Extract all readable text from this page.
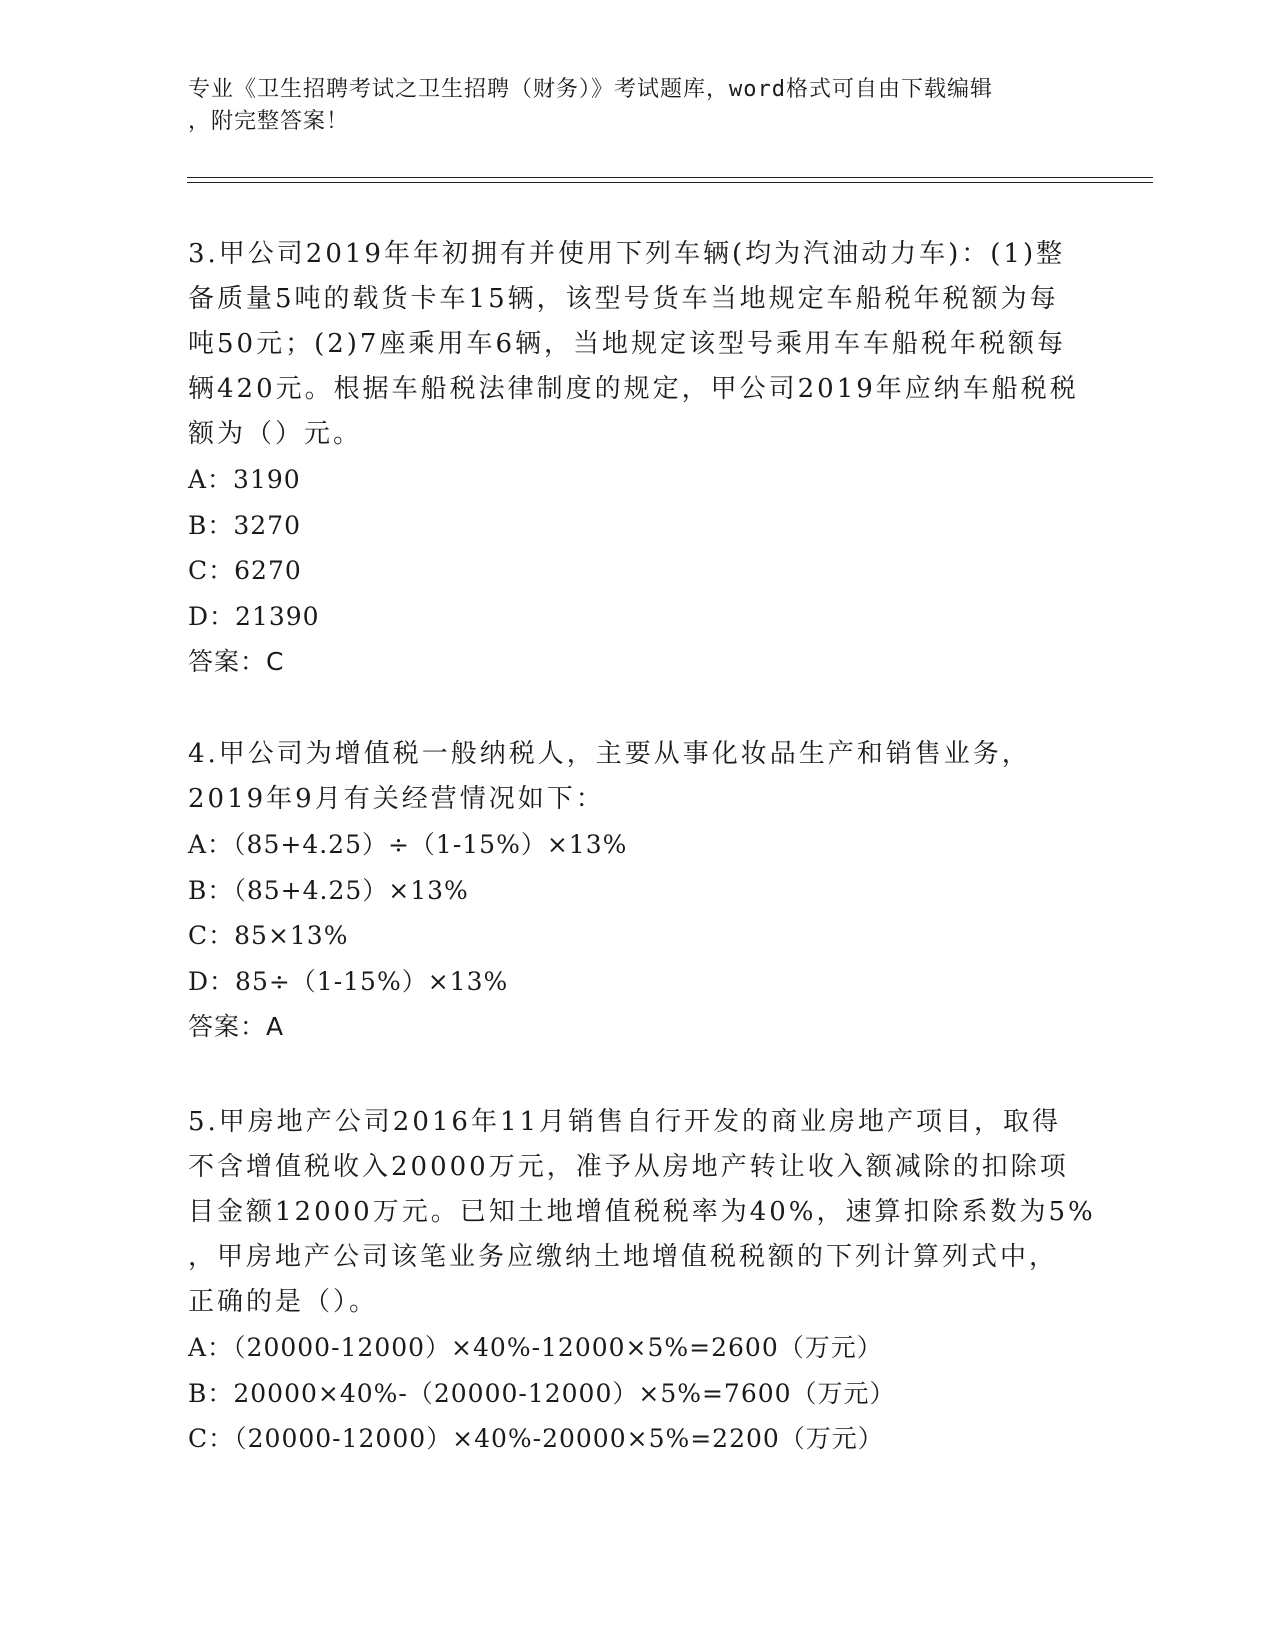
专业《卫生招聘考试之卫生招聘（财务）》考试题库，word格式可自由下载编辑
，附完整答案！
3.甲公司2019年年初拥有并使用下列车辆(均为汽油动力车)：(1)整
备质量5吨的载货卡车15辆，该型号货车当地规定车船税年税额为每
吨50元；(2)7座乘用车6辆，当地规定该型号乘用车车船税年税额每
辆420元。根据车船税法律制度的规定，甲公司2019年应纳车船税税
额为（）元。
A：3190
B：3270
C：6270
D：21390
答案：C
4.甲公司为增值税一般纳税人，主要从事化妆品生产和销售业务，
2019年9月有关经营情况如下：
A：（85+4.25）÷（1-15%）×13%
B：（85+4.25）×13%
C：85×13%
D：85÷（1-15%）×13%
答案：A
5.甲房地产公司2016年11月销售自行开发的商业房地产项目，取得
不含增值税收入20000万元，准予从房地产转让收入额减除的扣除项
目金额12000万元。已知土地增值税税率为40%，速算扣除系数为5%
，甲房地产公司该笔业务应缴纳土地增值税税额的下列计算列式中，
正确的是（）。
A：（20000-12000）×40%-12000×5%=2600（万元）
B：20000×40%-（20000-12000）×5%=7600（万元）
C：（20000-12000）×40%-20000×5%=2200（万元）
